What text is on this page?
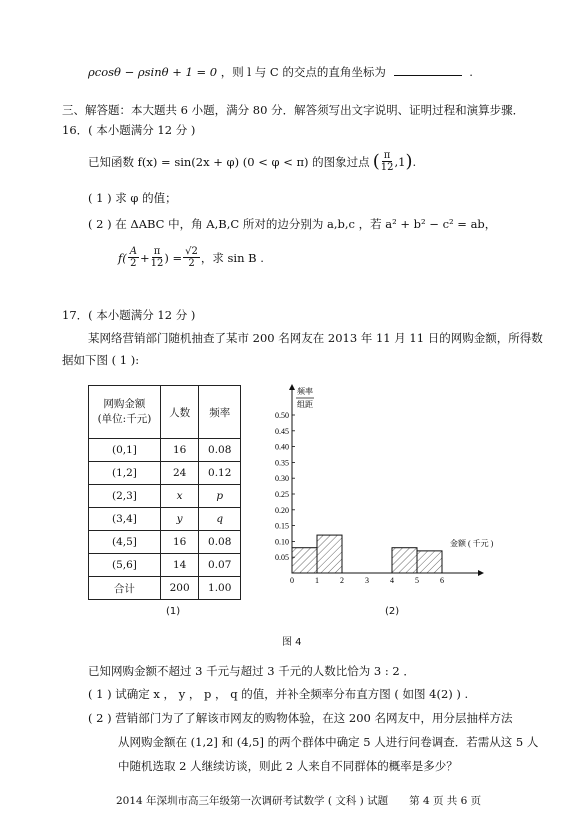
ρcosθ − ρsinθ + 1 = 0 ，则 l 与 C 的交点的直角坐标为	.
三、解答题：本大题共 6 小题，满分 80 分．解答须写出文字说明、证明过程和演算步骤．
16．( 本小题满分 12 分 )
已知函数 f(x) = sin(2x + φ) (0 < φ < π) 的图象过点 ( $\frac{\pi}{12} ,1$ ) .
( 1 ) 求 φ 的值；
( 2 ) 在 ΔABC 中，角 A,B,C 所对的边分别为 a,b,c ，若 a² + b² − c² = ab，
$f( \frac{A}{2} + \frac{\pi}{12}$ ) = $\frac{√2}{2}$ ，求 sin B .
17．( 本小题满分 12 分 )
某网络营销部门随机抽查了某市 200 名网友在 2013 年 11 月 11 日的网购金额，所得数
据如下图 ( 1 ):
网购金额
(单位:千元)	人数	频率
(0,1]	16	0.08
(1,2]	24	0.12
(2,3]	x	p
(3,4]	y	q
(4,5]	16	0.08
(5,6]	14	0.07
合计	200	1.00
0.50
0.45
0.40
0.35
0.30
0.25
0.20
0.15
0.10
0.05
0	1	2	3	4	5	6
频率
组距
金额 ( 千元 )
(1)	(2)
图 4
已知网购金额不超过 3 千元与超过 3 千元的人数比恰为 3 : 2 ．
( 1 ) 试确定 x ， y ， p ， q 的值，并补全频率分布直方图 ( 如图 4(2) ) .
( 2 ) 营销部门为了了解该市网友的购物体验，在这 200 名网友中，用分层抽样方法
从网购金额在 (1,2] 和 (4,5] 的两个群体中确定 5 人进行问卷调查．若需从这 5 人
中随机选取 2 人继续访谈，则此 2 人来自不同群体的概率是多少？
2014 年深圳市高三年级第一次调研考试数学 ( 文科 ) 试题　　第 4 页 共 6 页
